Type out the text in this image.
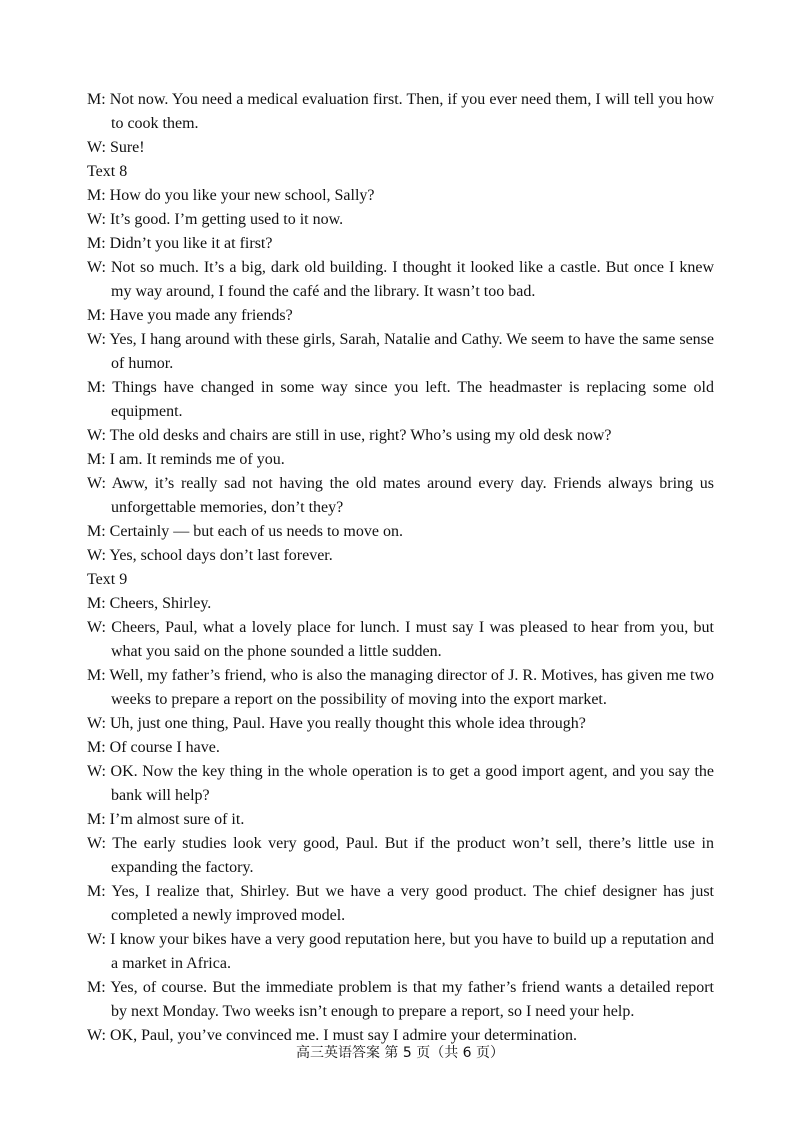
M: Not now. You need a medical evaluation first. Then, if you ever need them, I will tell you how to cook them.

W: Sure!

Text 8

M: How do you like your new school, Sally?

W: It’s good. I’m getting used to it now.

M: Didn’t you like it at first?

W: Not so much. It’s a big, dark old building. I thought it looked like a castle. But once I knew my way around, I found the café and the library. It wasn’t too bad.

M: Have you made any friends?

W: Yes, I hang around with these girls, Sarah, Natalie and Cathy. We seem to have the same sense of humor.

M: Things have changed in some way since you left. The headmaster is replacing some old equipment.

W: The old desks and chairs are still in use, right? Who’s using my old desk now?

M: I am. It reminds me of you.

W: Aww, it’s really sad not having the old mates around every day. Friends always bring us unforgettable memories, don’t they?

M: Certainly — but each of us needs to move on.

W: Yes, school days don’t last forever.

Text 9

M: Cheers, Shirley.

W: Cheers, Paul, what a lovely place for lunch. I must say I was pleased to hear from you, but what you said on the phone sounded a little sudden.

M: Well, my father’s friend, who is also the managing director of J. R. Motives, has given me two weeks to prepare a report on the possibility of moving into the export market.

W: Uh, just one thing, Paul. Have you really thought this whole idea through?

M: Of course I have.

W: OK. Now the key thing in the whole operation is to get a good import agent, and you say the bank will help?

M: I’m almost sure of it.

W: The early studies look very good, Paul. But if the product won’t sell, there’s little use in expanding the factory.

M: Yes, I realize that, Shirley. But we have a very good product. The chief designer has just completed a newly improved model.

W: I know your bikes have a very good reputation here, but you have to build up a reputation and a market in Africa.

M: Yes, of course. But the immediate problem is that my father’s friend wants a detailed report by next Monday. Two weeks isn’t enough to prepare a report, so I need your help.

W: OK, Paul, you’ve convinced me. I must say I admire your determination.

高三英语答案 第 5 页（共 6 页）
